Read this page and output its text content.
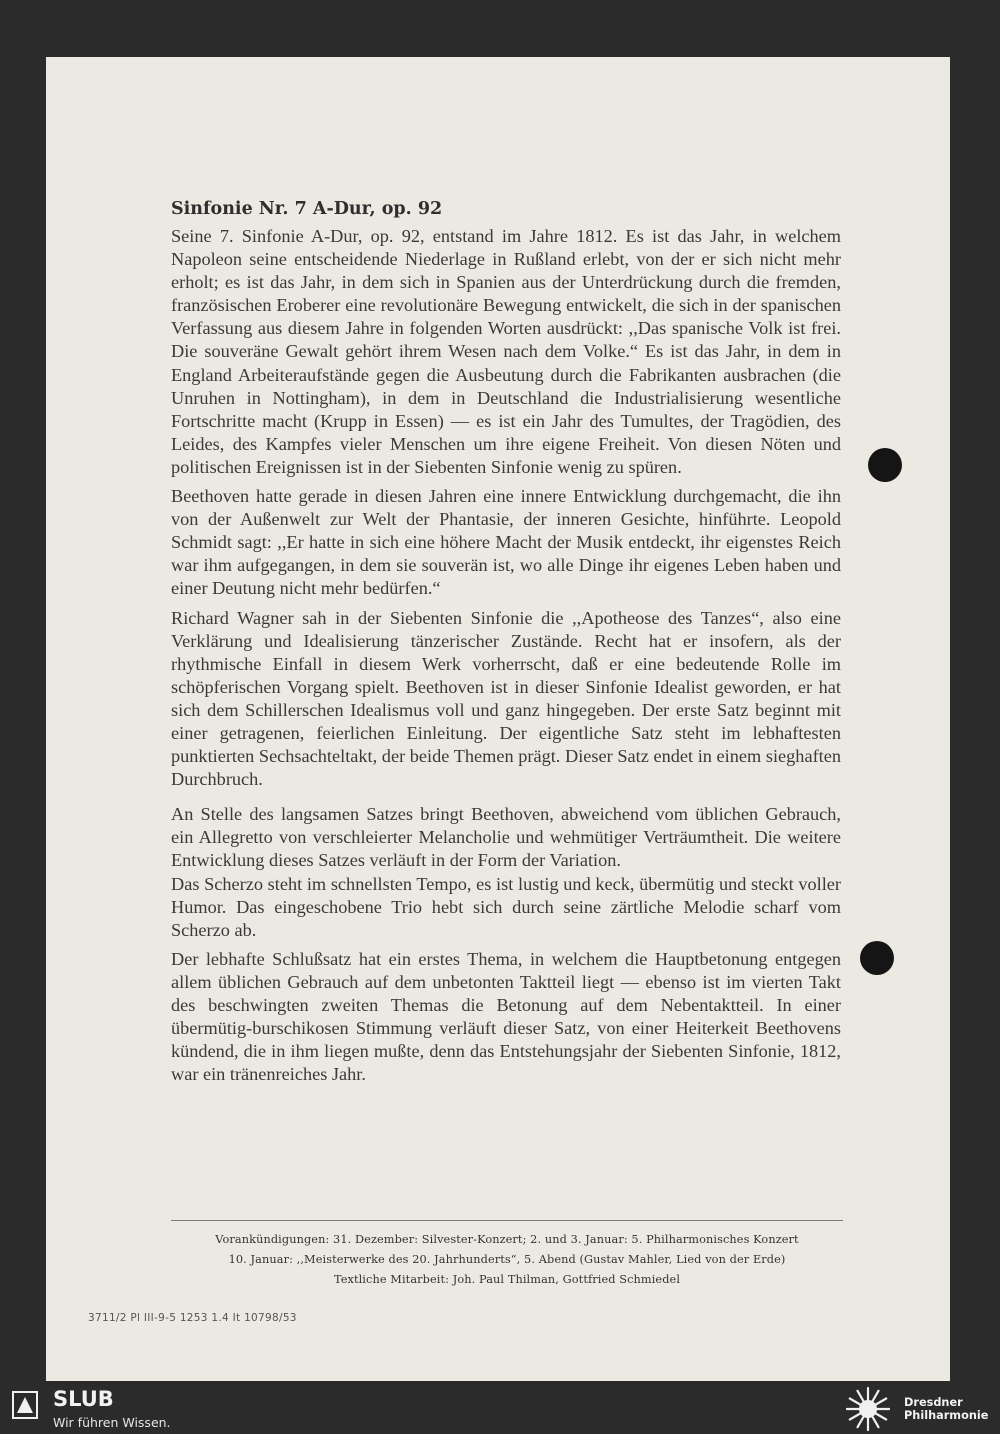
Sinfonie Nr. 7 A-Dur, op. 92

Seine 7. Sinfonie A-Dur, op. 92, entstand im Jahre 1812. Es ist das Jahr, in welchem Napoleon seine entscheidende Niederlage in Rußland erlebt, von der er sich nicht mehr erholt; es ist das Jahr, in dem sich in Spanien aus der Unterdrückung durch die fremden, französischen Eroberer eine revolutionäre Bewegung entwickelt, die sich in der spanischen Verfassung aus diesem Jahre in folgenden Worten ausdrückt: ,,Das spanische Volk ist frei. Die souveräne Gewalt gehört ihrem Wesen nach dem Volke.“ Es ist das Jahr, in dem in England Arbeiteraufstände gegen die Ausbeutung durch die Fabrikanten ausbrachen (die Unruhen in Nottingham), in dem in Deutschland die Industrialisierung wesentliche Fortschritte macht (Krupp in Essen) — es ist ein Jahr des Tumultes, der Tragödien, des Leides, des Kampfes vieler Menschen um ihre eigene Freiheit. Von diesen Nöten und politischen Ereignissen ist in der Siebenten Sinfonie wenig zu spüren.

Beethoven hatte gerade in diesen Jahren eine innere Entwicklung durchgemacht, die ihn von der Außenwelt zur Welt der Phantasie, der inneren Gesichte, hinführte. Leopold Schmidt sagt: ,,Er hatte in sich eine höhere Macht der Musik entdeckt, ihr eigenstes Reich war ihm aufgegangen, in dem sie souverän ist, wo alle Dinge ihr eigenes Leben haben und einer Deutung nicht mehr bedürfen.“

Richard Wagner sah in der Siebenten Sinfonie die ,,Apotheose des Tanzes“, also eine Verklärung und Idealisierung tänzerischer Zustände. Recht hat er insofern, als der rhythmische Einfall in diesem Werk vorherrscht, daß er eine bedeutende Rolle im schöpferischen Vorgang spielt. Beethoven ist in dieser Sinfonie Idealist geworden, er hat sich dem Schillerschen Idealismus voll und ganz hingegeben. Der erste Satz beginnt mit einer getragenen, feierlichen Einleitung. Der eigentliche Satz steht im lebhaftesten punktierten Sechsachteltakt, der beide Themen prägt. Dieser Satz endet in einem sieghaften Durchbruch.

An Stelle des langsamen Satzes bringt Beethoven, abweichend vom üblichen Gebrauch, ein Allegretto von verschleierter Melancholie und wehmütiger Verträumtheit. Die weitere Entwicklung dieses Satzes verläuft in der Form der Variation.

Das Scherzo steht im schnellsten Tempo, es ist lustig und keck, übermütig und steckt voller Humor. Das eingeschobene Trio hebt sich durch seine zärtliche Melodie scharf vom Scherzo ab.

Der lebhafte Schlußsatz hat ein erstes Thema, in welchem die Hauptbetonung entgegen allem üblichen Gebrauch auf dem unbetonten Taktteil liegt — ebenso ist im vierten Takt des beschwingten zweiten Themas die Betonung auf dem Nebentaktteil. In einer übermütig-burschikosen Stimmung verläuft dieser Satz, von einer Heiterkeit Beethovens kündend, die in ihm liegen mußte, denn das Entstehungsjahr der Siebenten Sinfonie, 1812, war ein tränenreiches Jahr.

Vorankündigungen: 31. Dezember: Silvester-Konzert; 2. und 3. Januar: 5. Philharmonisches Konzert
10. Januar: ,,Meisterwerke des 20. Jahrhunderts“, 5. Abend (Gustav Mahler, Lied von der Erde)
Textliche Mitarbeit: Joh. Paul Thilman, Gottfried Schmiedel
3711/2 Pl III-9-5 1253 1.4 It 10798/53
SLUB
Wir führen Wissen.
Dresdner
Philharmonie
